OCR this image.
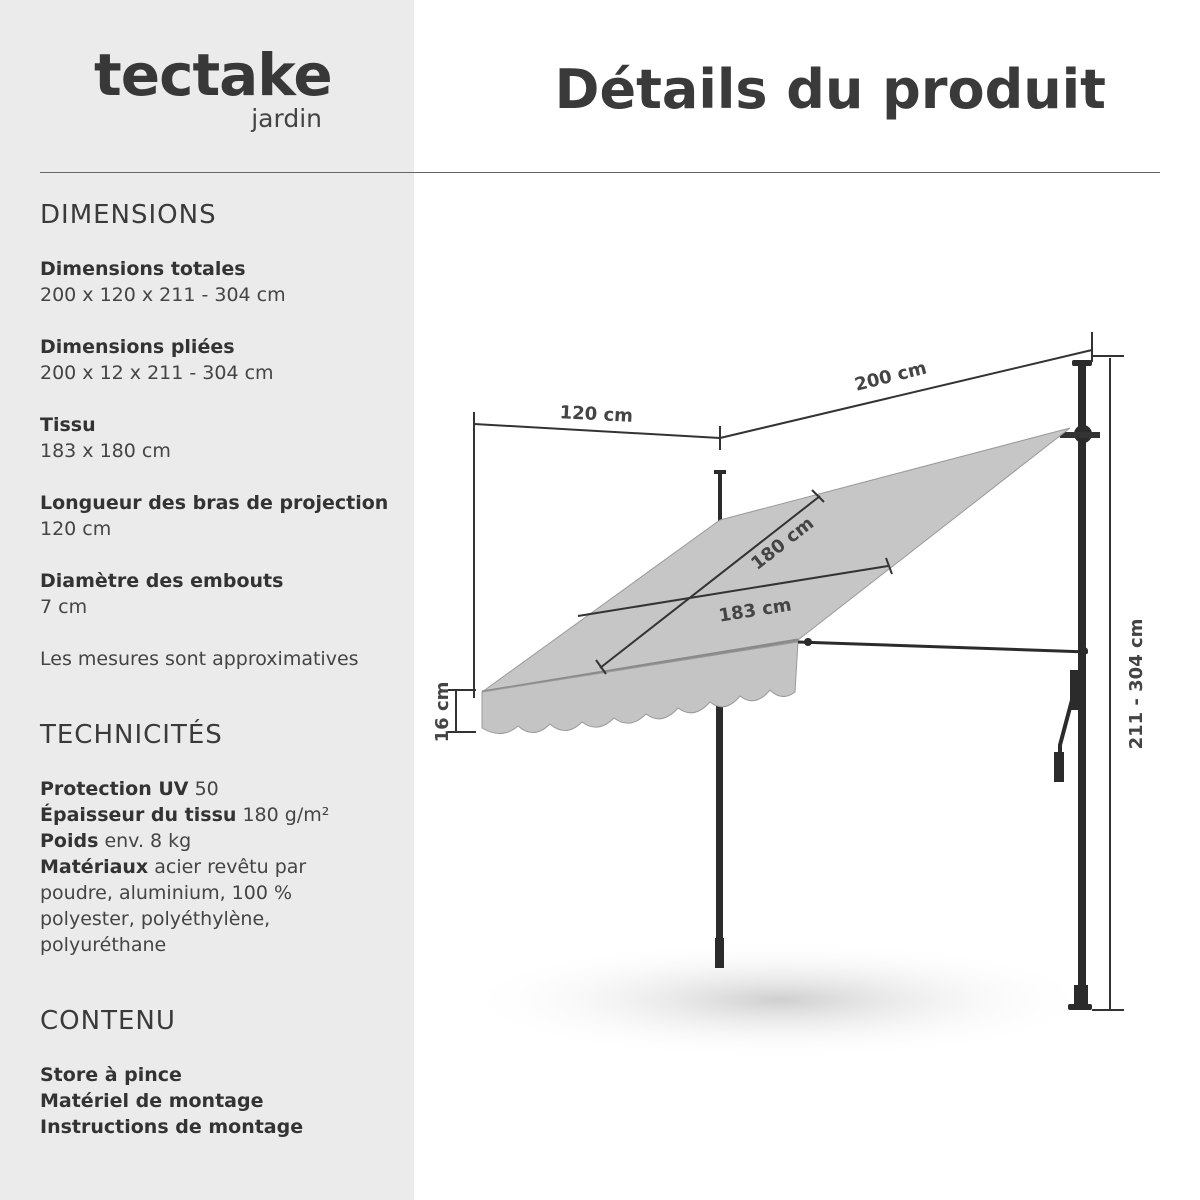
tectake
jardin	Détails du produit
DIMENSIONS
Dimensions totales
200 x 120 x 211 - 304 cm
Dimensions pliées
200 x 12 x 211 - 304 cm
Tissu
183 x 180 cm
Longueur des bras de projection
120 cm
Diamètre des embouts
7 cm
Les mesures sont approximatives
TECHNICITÉS
Protection UV 50
Épaisseur du tissu 180 g/m²
Poids env. 8 kg
Matériaux acier revêtu par poudre, aluminium, 100 % polyester, polyéthylène, polyuréthane
CONTENU
Store à pince
Matériel de montage
Instructions de montage
200 cm
120 cm
180 cm
183 cm
16 cm	211 - 304 cm
